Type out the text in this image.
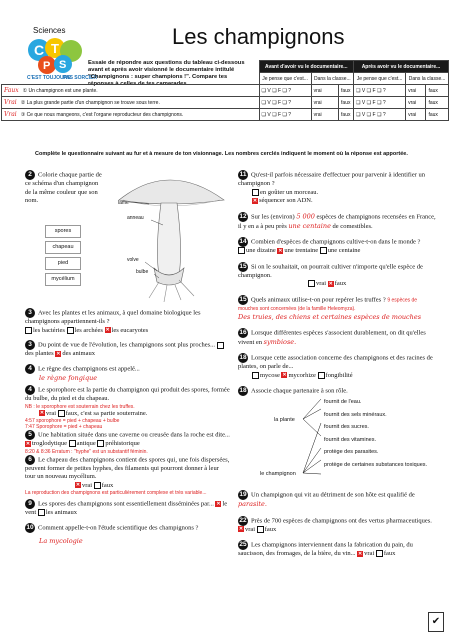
Sciences	Les champignons
C T
P S
C'EST TOUJOURS
PAS SORCIER
Essaie de répondre aux questions du tableau ci-dessous avant et après avoir visionné le documentaire intitulé "Champignons : super champions !". Compare tes réponses à celles de tes camarades.
	Avant d'avoir vu le documentaire...			Après avoir vu le documentaire...		
	Je pense que c'est...	Dans la classe...		Je pense que c'est...	Dans la classe...	
Faux ① Un champignon est une plante.	❑ V ❑ F ❑ ?	vrai	faux	❑ V ❑ F ❑ ?	vrai	faux
Vrai ② La plus grande partie d'un champignon se trouve sous terre.	❑ V ❑ F ❑ ?	vrai	faux	❑ V ❑ F ❑ ?	vrai	faux
Vrai ③ Ce que nous mangeons, c'est l'organe reproducteur des champignons.	❑ V ❑ F ❑ ?	vrai	faux	❑ V ❑ F ❑ ?	vrai	faux
Complète le questionnaire suivant au fur et à mesure de ton visionnage. Les nombres cerclés indiquent le moment où la réponse est apportée.

2 Colorie chaque partie de ce schéma d'un champignon de la même couleur que son nom.	lame
anneau
volve
bulbe
spores
chapeau
pied
mycélium

3 Avec les plantes et les animaux, à quel domaine biologique les champignons appartiennent-ils ?
les bactéries les archées ✕ les eucaryotes

3 Du point de vue de l'évolution, les champignons sont plus proches... des plantes ✕ des animaux

4 Le règne des champignons est appelé...

le règne fongique

4 Le sporophore est la partie du champignon qui produit des spores, formée du bulbe, du pied et du chapeau.

NB : le sporophore est souterrain chez les truffes.

✕ vrai faux, c'est sa partie souterraine.

4:57 sporophore = pied + chapeau + bulbe

7:47 Sporophore = pied + chapeau

5 Une habitation située dans une caverne ou creusée dans la roche est dite...
✕ troglodytique antique préhistorique

8:20 & 8:36 Erratum : "hyphe" est un substantif féminin.

6 Le chapeau des champignons contient des spores qui, une fois dispersées, peuvent former de petites hyphes, des filaments qui pourront donner à leur tour un nouveau mycélium.
✕ vrai faux

La reproduction des champignons est particulièrement complexe et très variable...

9 Les spores des champignons sont essentiellement disséminées par... ✕ le vent les animaux

10 Comment appelle-t-on l'étude scientifique des champignons ?

La mycologie

11 Qu'est-il parfois nécessaire d'effectuer pour parvenir à identifier un champignon ?
en goûter un morceau.
✕ séquencer son ADN.

12 Sur les (environ) 5 000 espèces de champignons recensées en France, il y en a à peu près une centaine de comestibles.

14 Combien d'espèces de champignons cultive-t-on dans le monde ?
une dizaine ✕ une trentaine une centaine

15 Si on le souhaitait, on pourrait cultiver n'importe qu'elle espèce de champignon.
vrai ✕ faux

15 Quels animaux utilise-t-on pour repérer les truffes ? 9 espèces de mouches sont concernées (de la famille Heleomyza).

Des truies, des chiens et certaines espèces de mouches

16 Lorsque différentes espèces s'associent durablement, on dit qu'elles vivent en symbiose.

18 Lorsque cette association concerne des champignons et des racines de plantes, on parle de...
mycose ✕ mycorhize fongibilité

18 Associe chaque partenaire à son rôle.

la plante
le champignon
fournit de l'eau.
fournit des sels minéraux.
fournit des sucres.
fournit des vitamines.
protège des parasites.
protège de certaines substances toxiques.

19 Un champignon qui vit au détriment de son hôte est qualifié de parasite.

22 Près de 700 espèces de champignons ont des vertus pharmaceutiques. ✕ vrai faux

25 Les champignons interviennent dans la fabrication du pain, du saucisson, des fromages, de la bière, du vin... ✕ vrai faux

✔
